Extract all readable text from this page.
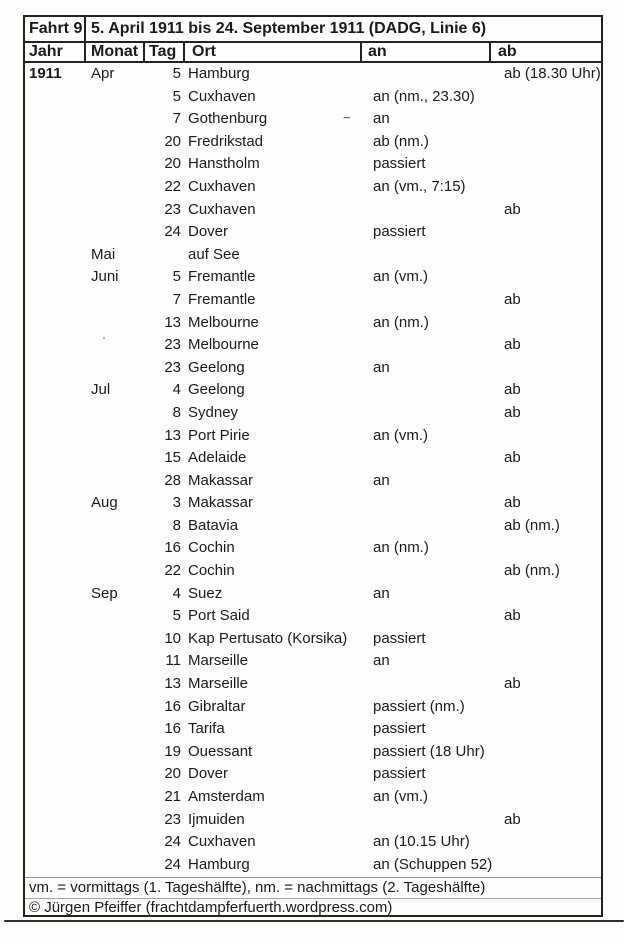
Fahrt 9 5. April 1911 bis 24. September 1911 (DADG, Linie 6)
Jahr	Monat Tag Ort	an	ab
1911	Apr	5 Hamburg	ab (18.30 Uhr)
5 Cuxhaven	an (nm., 23.30)
7 Gothenburg	an
20 Fredrikstad	ab (nm.)
20 Hanstholm	passiert
22 Cuxhaven	an (vm., 7:15)
23 Cuxhaven	ab
24 Dover	passiert
Mai	auf See
Juni	5 Fremantle	an (vm.)
7 Fremantle	ab
13 Melbourne	an (nm.)
23 Melbourne	ab
23 Geelong	an
Jul	4 Geelong	ab
8 Sydney	ab
13 Port Pirie	an (vm.)
15 Adelaide	ab
28 Makassar	an
Aug	3 Makassar	ab
8 Batavia	ab (nm.)
16 Cochin	an (nm.)
22 Cochin	ab (nm.)
Sep	4 Suez	an
5 Port Said	ab
10 Kap Pertusato (Korsika)	passiert
11 Marseille	an
13 Marseille	ab
16 Gibraltar	passiert (nm.)
16 Tarifa	passiert
19 Ouessant	passiert (18 Uhr)
20 Dover	passiert
21 Amsterdam	an (vm.)
23 Ijmuiden	ab
24 Cuxhaven	an (10.15 Uhr)
24 Hamburg	an (Schuppen 52)
vm. = vormittags (1. Tageshälfte), nm. = nachmittags (2. Tageshälfte)
© Jürgen Pfeiffer (frachtdampferfuerth.wordpress.com)
~
